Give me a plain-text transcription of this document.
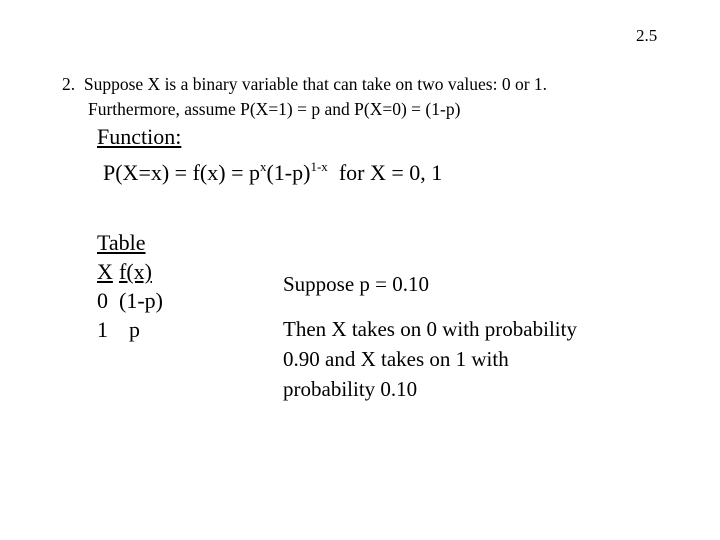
2.5
2. Suppose X is a binary variable that can take on two values: 0 or 1.
Furthermore, assume P(X=1) = p and P(X=0) = (1-p)
Function:
$P(X=x) = f(x) = p^x(1-p)^{1-x}$  for X = 0, 1
Table
X f(x)
0 (1-p)
1 p
Suppose p = 0.10
Then X takes on 0 with probability
0.90 and X takes on 1 with
probability 0.10
